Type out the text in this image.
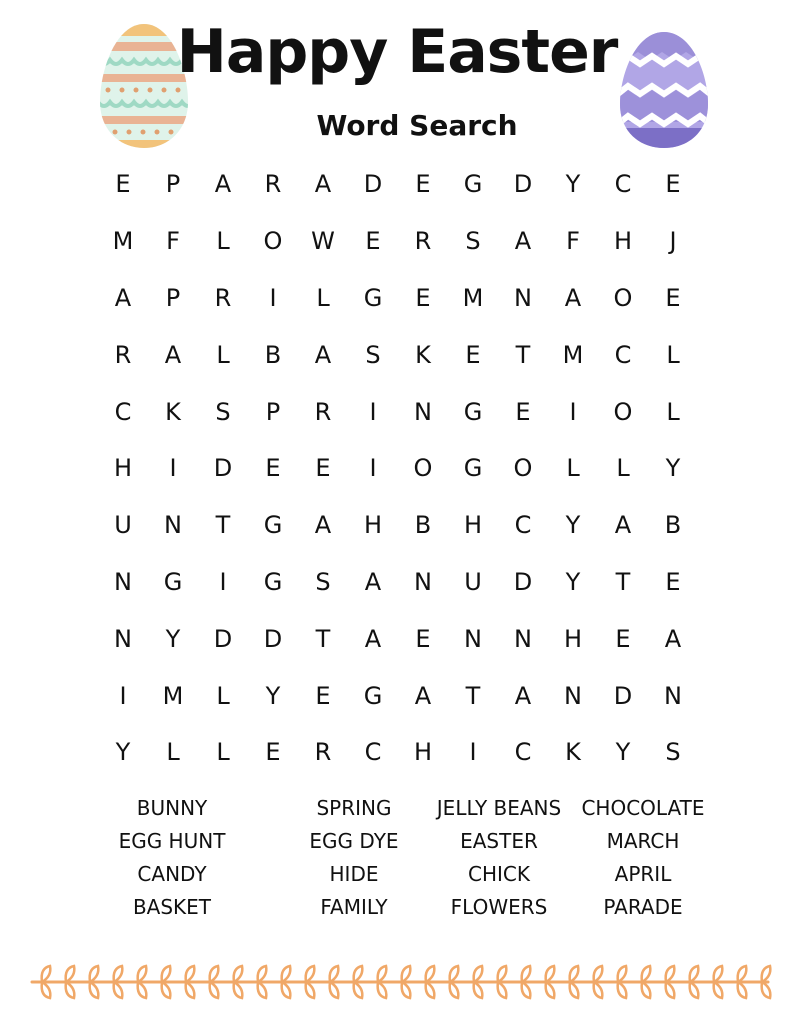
Happy Easter
Word Search
E	P	A	R	A	D	E	G	D	Y	C	E
M	F	L	O	W	E	R	S	A	F	H	J
A	P	R	I	L	G	E	M	N	A	O	E
R	A	L	B	A	S	K	E	T	M	C	L
C	K	S	P	R	I	N	G	E	I	O	L
H	I	D	E	E	I	O	G	O	L	L	Y
U	N	T	G	A	H	B	H	C	Y	A	B
N	G	I	G	S	A	N	U	D	Y	T	E
N	Y	D	D	T	A	E	N	N	H	E	A
I	M	L	Y	E	G	A	T	A	N	D	N
Y	L	L	E	R	C	H	I	C	K	Y	S
BUNNY
EGG HUNT
CANDY
BASKET
SPRING
EGG DYE
HIDE
FAMILY
JELLY BEANS
EASTER
CHICK
FLOWERS
CHOCOLATE
MARCH
APRIL
PARADE
